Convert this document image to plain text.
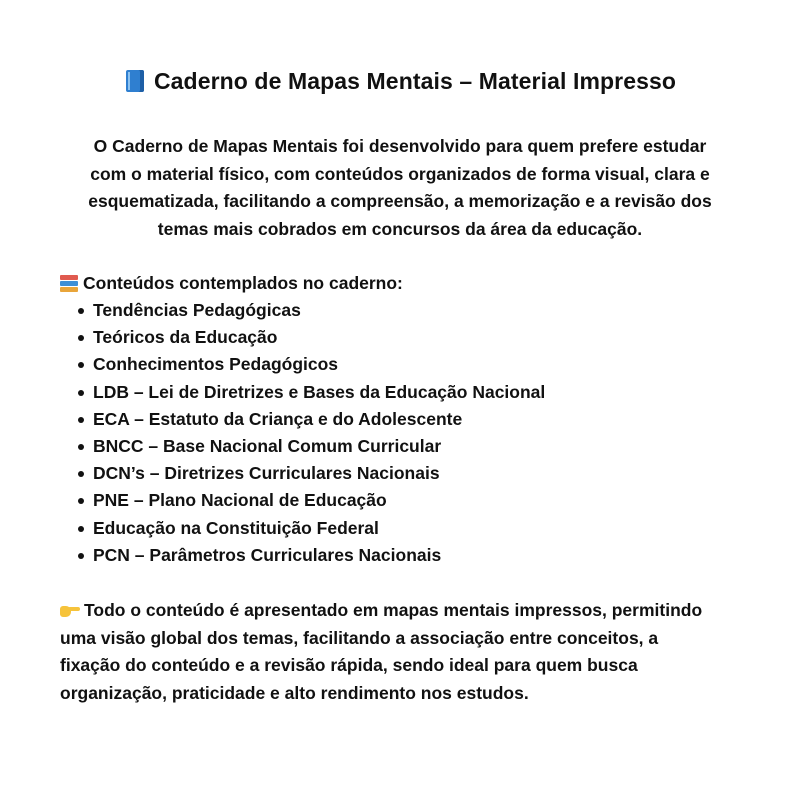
Caderno de Mapas Mentais – Material Impresso
O Caderno de Mapas Mentais foi desenvolvido para quem prefere estudar
com o material físico, com conteúdos organizados de forma visual, clara e
esquematizada, facilitando a compreensão, a memorização e a revisão dos
temas mais cobrados em concursos da área da educação.
Conteúdos contemplados no caderno:
Tendências Pedagógicas
Teóricos da Educação
Conhecimentos Pedagógicos
LDB – Lei de Diretrizes e Bases da Educação Nacional
ECA – Estatuto da Criança e do Adolescente
BNCC – Base Nacional Comum Curricular
DCN’s – Diretrizes Curriculares Nacionais
PNE – Plano Nacional de Educação
Educação na Constituição Federal
PCN – Parâmetros Curriculares Nacionais
Todo o conteúdo é apresentado em mapas mentais impressos, permitindo
uma visão global dos temas, facilitando a associação entre conceitos, a
fixação do conteúdo e a revisão rápida, sendo ideal para quem busca
organização, praticidade e alto rendimento nos estudos.
